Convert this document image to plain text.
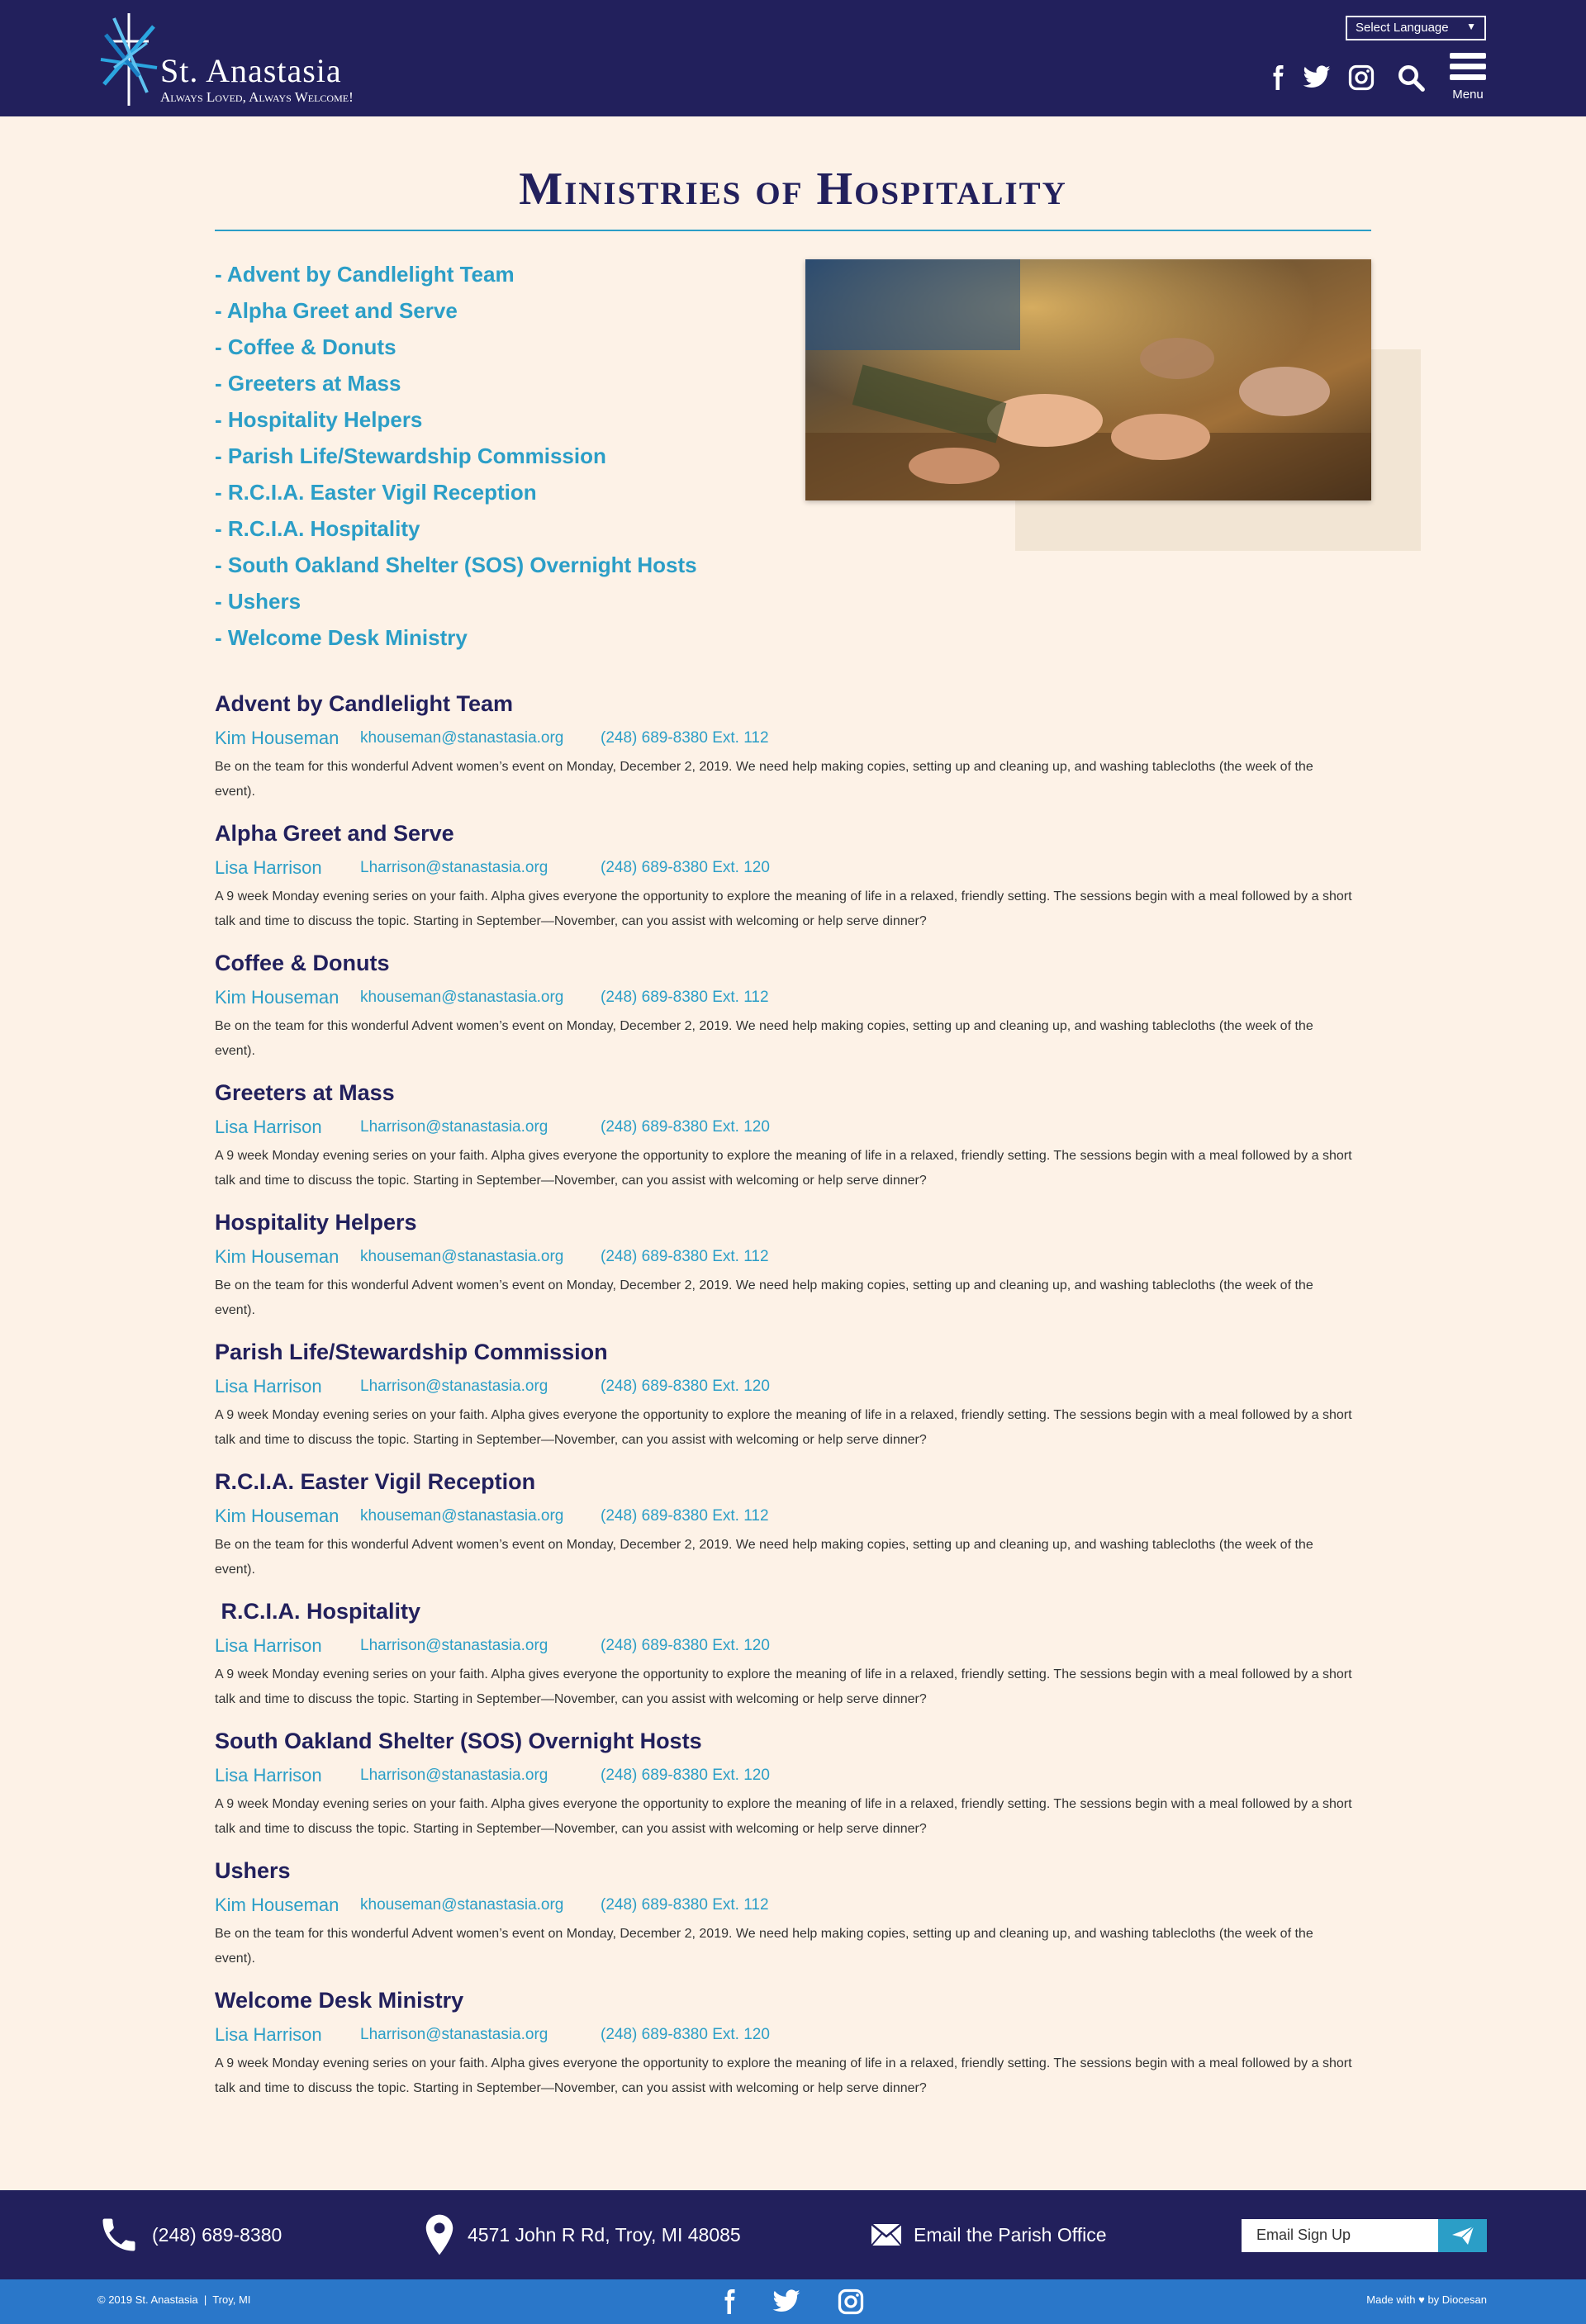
St. Anastasia
Always Loved, Always Welcome!
Select Language ▼
Menu
Ministries of Hospitality
- Advent by Candlelight Team
- Alpha Greet and Serve
- Coffee & Donuts
- Greeters at Mass
- Hospitality Helpers
- Parish Life/Stewardship Commission
- R.C.I.A. Easter Vigil Reception
- R.C.I.A. Hospitality
- South Oakland Shelter (SOS) Overnight Hosts
- Ushers
- Welcome Desk Ministry
Advent by Candlelight Team
Kim Houseman khouseman@stanastasia.org (248) 689-8380 Ext. 112

Be on the team for this wonderful Advent women’s event on Monday, December 2, 2019. We need help making copies, setting up and cleaning up, and washing tablecloths (the week of the event).

Alpha Greet and Serve
Lisa Harrison Lharrison@stanastasia.org	(248) 689-8380 Ext. 120

A 9 week Monday evening series on your faith. Alpha gives everyone the opportunity to explore the meaning of life in a relaxed, friendly setting. The sessions begin with a meal followed by a short talk and time to discuss the topic. Starting in September—November, can you assist with welcoming or help serve dinner?

Coffee & Donuts
Kim Houseman khouseman@stanastasia.org (248) 689-8380 Ext. 112

Be on the team for this wonderful Advent women’s event on Monday, December 2, 2019. We need help making copies, setting up and cleaning up, and washing tablecloths (the week of the event).

Greeters at Mass
Lisa Harrison Lharrison@stanastasia.org	(248) 689-8380 Ext. 120

A 9 week Monday evening series on your faith. Alpha gives everyone the opportunity to explore the meaning of life in a relaxed, friendly setting. The sessions begin with a meal followed by a short talk and time to discuss the topic. Starting in September—November, can you assist with welcoming or help serve dinner?

Hospitality Helpers
Kim Houseman khouseman@stanastasia.org (248) 689-8380 Ext. 112

Be on the team for this wonderful Advent women’s event on Monday, December 2, 2019. We need help making copies, setting up and cleaning up, and washing tablecloths (the week of the event).

Parish Life/Stewardship Commission
Lisa Harrison Lharrison@stanastasia.org	(248) 689-8380 Ext. 120

A 9 week Monday evening series on your faith. Alpha gives everyone the opportunity to explore the meaning of life in a relaxed, friendly setting. The sessions begin with a meal followed by a short talk and time to discuss the topic. Starting in September—November, can you assist with welcoming or help serve dinner?

R.C.I.A. Easter Vigil Reception
Kim Houseman khouseman@stanastasia.org (248) 689-8380 Ext. 112

Be on the team for this wonderful Advent women’s event on Monday, December 2, 2019. We need help making copies, setting up and cleaning up, and washing tablecloths (the week of the event).

R.C.I.A. Hospitality
Lisa Harrison Lharrison@stanastasia.org	(248) 689-8380 Ext. 120

A 9 week Monday evening series on your faith. Alpha gives everyone the opportunity to explore the meaning of life in a relaxed, friendly setting. The sessions begin with a meal followed by a short talk and time to discuss the topic. Starting in September—November, can you assist with welcoming or help serve dinner?

South Oakland Shelter (SOS) Overnight Hosts
Lisa Harrison Lharrison@stanastasia.org	(248) 689-8380 Ext. 120

A 9 week Monday evening series on your faith. Alpha gives everyone the opportunity to explore the meaning of life in a relaxed, friendly setting. The sessions begin with a meal followed by a short talk and time to discuss the topic. Starting in September—November, can you assist with welcoming or help serve dinner?

Ushers
Kim Houseman khouseman@stanastasia.org (248) 689-8380 Ext. 112

Be on the team for this wonderful Advent women’s event on Monday, December 2, 2019. We need help making copies, setting up and cleaning up, and washing tablecloths (the week of the event).

Welcome Desk Ministry
Lisa Harrison Lharrison@stanastasia.org	(248) 689-8380 Ext. 120

A 9 week Monday evening series on your faith. Alpha gives everyone the opportunity to explore the meaning of life in a relaxed, friendly setting. The sessions begin with a meal followed by a short talk and time to discuss the topic. Starting in September—November, can you assist with welcoming or help serve dinner?

(248) 689-8380	4571 John R Rd, Troy, MI 48085	Email the Parish Office	Email Sign Up
© 2019 St. Anastasia  |  Troy, MI	Made with ♥ by Diocesan
